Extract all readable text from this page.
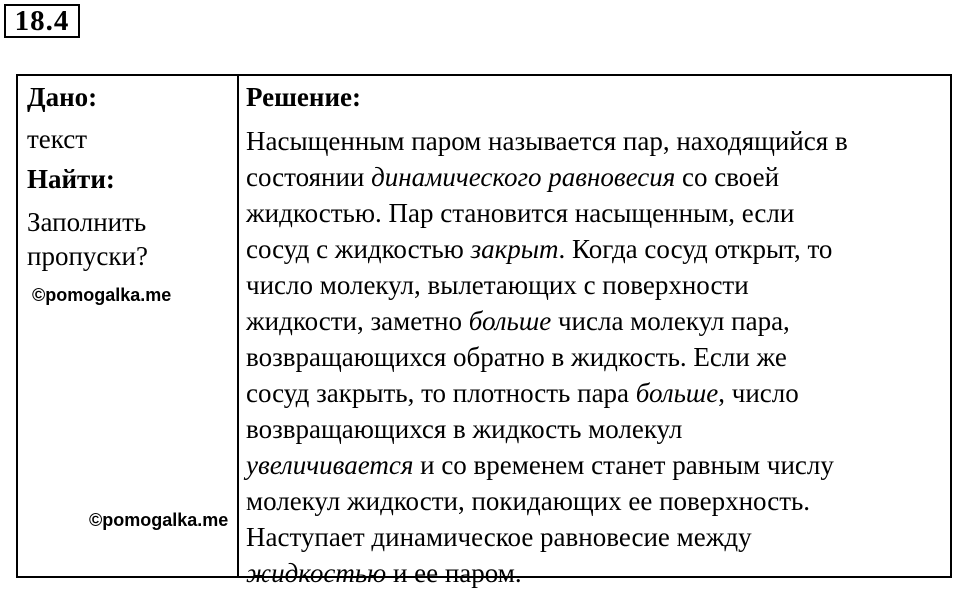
18.4
Дано:
текст
Найти:
Заполнить
пропуски?
Решение:
Насыщенным паром называется пар, находящийся в
состоянии динамического равновесия со своей
жидкостью. Пар становится насыщенным, если
сосуд с жидкостью закрыт. Когда сосуд открыт, то
число молекул, вылетающих с поверхности
жидкости, заметно больше числа молекул пара,
возвращающихся обратно в жидкость. Если же
сосуд закрыть, то плотность пара больше, число
возвращающихся в жидкость молекул
увеличивается и со временем станет равным числу
молекул жидкости, покидающих ее поверхность.
Наступает динамическое равновесие между
жидкостью и ее паром.
©pomogalka.me
©pomogalka.me
